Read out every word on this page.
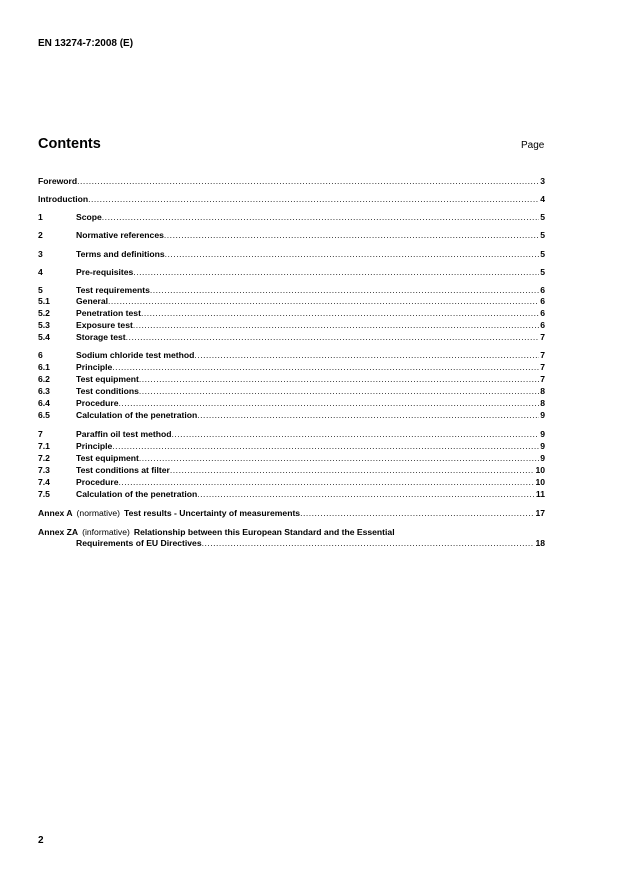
EN 13274-7:2008 (E)
Contents	Page
Foreword .....	3
Introduction .....	4
1	Scope .....	5
2	Normative references .....	5
3	Terms and definitions .....	5
4	Pre-requisites .....	5
5	Test requirements .....	6
5.1	General .....	6
5.2	Penetration test .....	6
5.3	Exposure test .....	6
5.4	Storage test .....	7
6	Sodium chloride test method .....	7
6.1	Principle .....	7
6.2	Test equipment .....	7
6.3	Test conditions .....	8
6.4	Procedure .....	8
6.5	Calculation of the penetration .....	9
7	Paraffin oil test method .....	9
7.1	Principle .....	9
7.2	Test equipment .....	9
7.3	Test conditions at filter .....	10
7.4	Procedure .....	10
7.5	Calculation of the penetration .....	11
Annex A (normative) Test results - Uncertainty of measurements .....	17
Annex ZA (informative) Relationship between this European Standard and the Essential
Requirements of EU Directives .....	18
2
